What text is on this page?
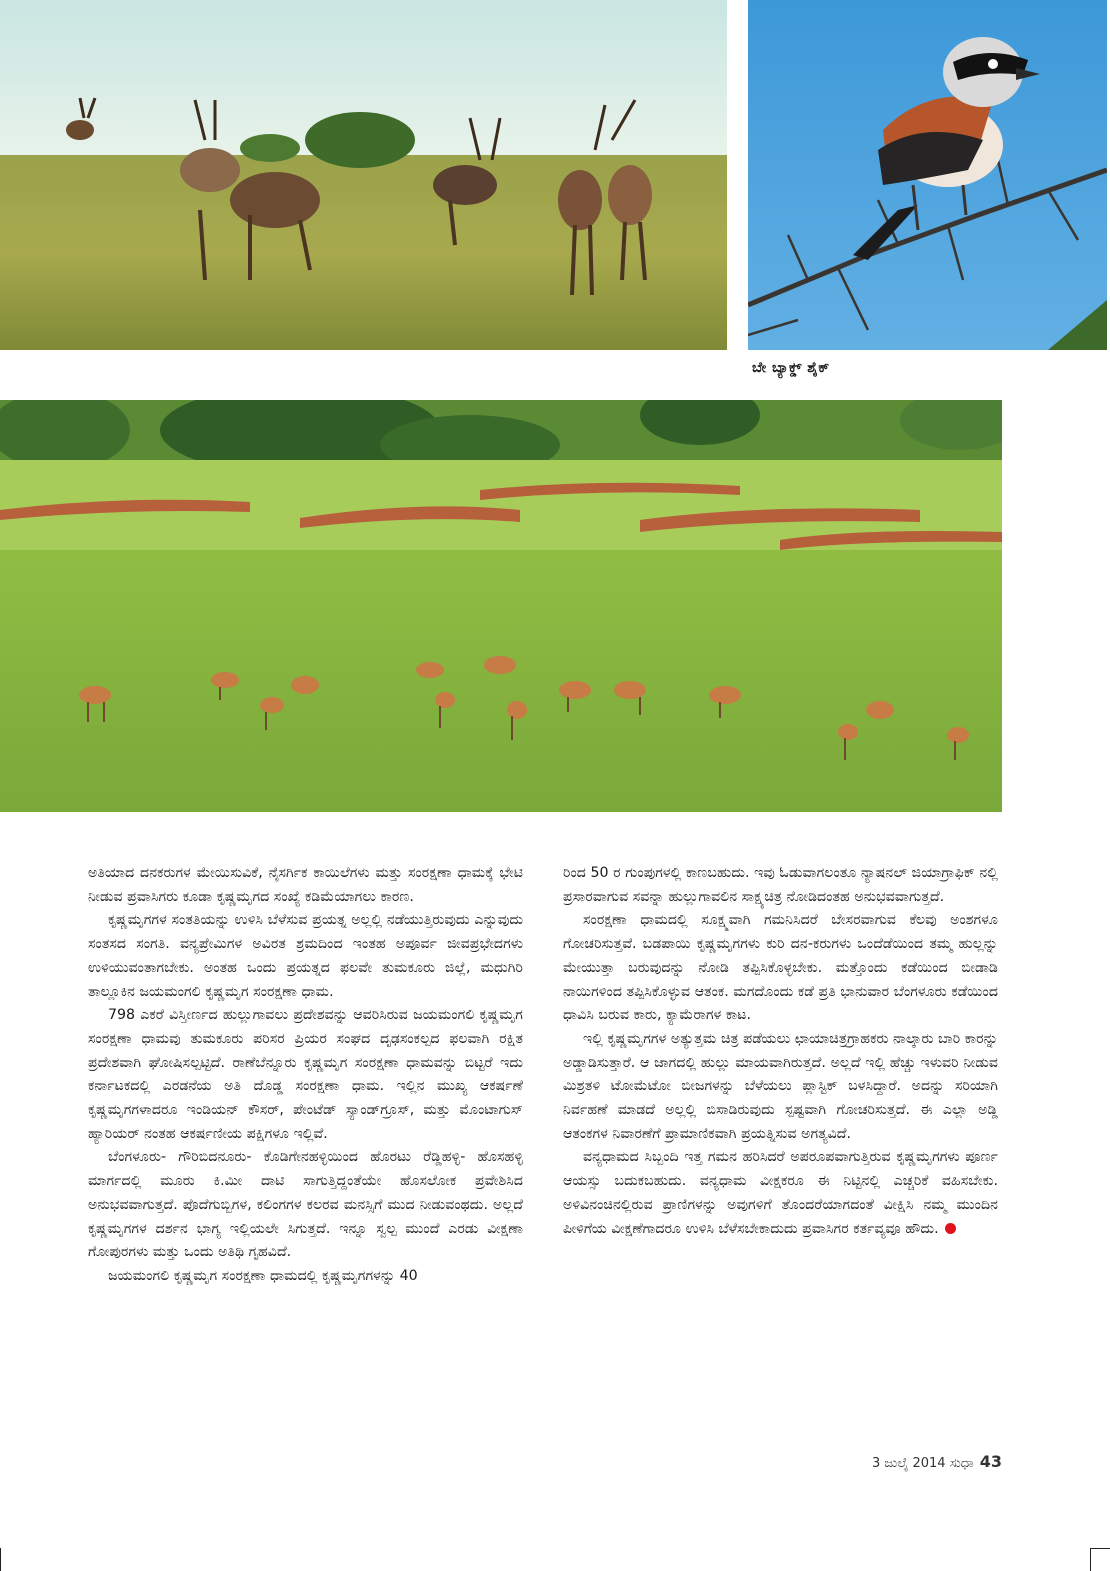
ಬೇ ಬ್ಯಾಕ್ಡ್ ಶೈಕ್

ಅತಿಯಾದ ದನಕರುಗಳ ಮೇಯಿಸುವಿಕೆ, ನೈಸರ್ಗಿಕ ಕಾಯಿಲೆಗಳು ಮತ್ತು ಸಂರಕ್ಷಣಾ ಧಾಮಕ್ಕೆ ಭೇಟಿ ನೀಡುವ ಪ್ರವಾಸಿಗರು ಕೂಡಾ ಕೃಷ್ಣಮೃಗದ ಸಂಖ್ಯೆ ಕಡಿಮೆಯಾಗಲು ಕಾರಣ.

ಕೃಷ್ಣಮೃಗಗಳ ಸಂತತಿಯನ್ನು ಉಳಿಸಿ ಬೆಳೆಸುವ ಪ್ರಯತ್ನ ಅಲ್ಲಲ್ಲಿ ನಡೆಯುತ್ತಿರುವುದು ಎನ್ನುವುದು ಸಂತಸದ ಸಂಗತಿ. ವನ್ಯಪ್ರೇಮಿಗಳ ಅವಿರತ ಶ್ರಮದಿಂದ ಇಂತಹ ಅಪೂರ್ವ ಜೀವಪ್ರಭೇದಗಳು ಉಳಿಯುವಂತಾಗಬೇಕು. ಅಂತಹ ಒಂದು ಪ್ರಯತ್ನದ ಫಲವೇ ತುಮಕೂರು ಜಿಲ್ಲೆ, ಮಧುಗಿರಿ ತಾಲ್ಲೂಕಿನ ಜಯಮಂಗಲಿ ಕೃಷ್ಣಮೃಗ ಸಂರಕ್ಷಣಾ ಧಾಮ.

798 ಎಕರೆ ವಿಸ್ತೀರ್ಣದ ಹುಲ್ಲುಗಾವಲು ಪ್ರದೇಶವನ್ನು ಆವರಿಸಿರುವ ಜಯಮಂಗಲಿ ಕೃಷ್ಣಮೃಗ ಸಂರಕ್ಷಣಾ ಧಾಮವು ತುಮಕೂರು ಪರಿಸರ ಪ್ರಿಯರ ಸಂಘದ ದೃಢಸಂಕಲ್ಪದ ಫಲವಾಗಿ ರಕ್ಷಿತ ಪ್ರದೇಶವಾಗಿ ಘೋಷಿಸಲ್ಪಟ್ಟಿದೆ. ರಾಣೆಬೆನ್ನೂರು ಕೃಷ್ಣಮೃಗ ಸಂರಕ್ಷಣಾ ಧಾಮವನ್ನು ಬಿಟ್ಟರೆ ಇದು ಕರ್ನಾಟಕದಲ್ಲಿ ಎರಡನೆಯ ಅತಿ ದೊಡ್ಡ ಸಂರಕ್ಷಣಾ ಧಾಮ. ಇಲ್ಲಿನ ಮುಖ್ಯ ಆಕರ್ಷಣೆ ಕೃಷ್ಣಮೃಗಗಳಾದರೂ ಇಂಡಿಯನ್ ಕೌಸರ್, ಪೇಂಟೆಡ್ ಸ್ಯಾಂಡ್‌ಗ್ರೂಸ್, ಮತ್ತು ಮೊಂಟಾಗುಸ್ ಹ್ಯಾರಿಯರ್ ನಂತಹ ಆಕರ್ಷಣೀಯ ಪಕ್ಷಿಗಳೂ ಇಲ್ಲಿವೆ.

ಬೆಂಗಳೂರು- ಗೌರಿಬಿದನೂರು- ಕೊಡಿಗೇನಹಳ್ಳಿಯಿಂದ ಹೊರಟು ರೆಡ್ಡಿಹಳ್ಳಿ- ಹೊಸಹಳ್ಳಿ ಮಾರ್ಗದಲ್ಲಿ ಮೂರು ಕಿ.ಮೀ ದಾಟಿ ಸಾಗುತ್ತಿದ್ದಂತೆಯೇ ಹೊಸಲೋಕ ಪ್ರವೇಶಿಸಿದ ಅನುಭವವಾಗುತ್ತದೆ. ಪೊದೆಗುಬ್ಬಿಗಳ, ಕಲಿಂಗಗಳ ಕಲರವ ಮನಸ್ಸಿಗೆ ಮುದ ನೀಡುವಂಥದು. ಅಲ್ಲದೆ ಕೃಷ್ಣಮೃಗಗಳ ದರ್ಶನ ಭಾಗ್ಯ ಇಲ್ಲಿಯಲೇ ಸಿಗುತ್ತದೆ. ಇನ್ನೂ ಸ್ವಲ್ಪ ಮುಂದೆ ಎರಡು ವೀಕ್ಷಣಾ ಗೋಪುರಗಳು ಮತ್ತು ಒಂದು ಅತಿಥಿ ಗೃಹವಿದೆ.

ಜಯಮಂಗಲಿ ಕೃಷ್ಣಮೃಗ ಸಂರಕ್ಷಣಾ ಧಾಮದಲ್ಲಿ ಕೃಷ್ಣಮೃಗಗಳನ್ನು 40

ರಿಂದ 50 ರ ಗುಂಪುಗಳಲ್ಲಿ ಕಾಣಬಹುದು. ಇವು ಓಡುವಾಗಲಂತೂ ನ್ಯಾಷನಲ್ ಜಿಯಾಗ್ರಾಫಿಕ್ ನಲ್ಲಿ ಪ್ರಸಾರವಾಗುವ ಸವನ್ನಾ ಹುಲ್ಲುಗಾವಲಿನ ಸಾಕ್ಷ್ಯಚಿತ್ರ ನೋಡಿದಂತಹ ಅನುಭವವಾಗುತ್ತದೆ.

ಸಂರಕ್ಷಣಾ ಧಾಮದಲ್ಲಿ ಸೂಕ್ಷ್ಮವಾಗಿ ಗಮನಿಸಿದರೆ ಬೇಸರವಾಗುವ ಕೆಲವು ಅಂಶಗಳೂ ಗೋಚರಿಸುತ್ತವೆ. ಬಡಪಾಯಿ ಕೃಷ್ಣಮೃಗಗಳು ಕುರಿ ದನ-ಕರುಗಳು ಒಂದೆಡೆಯಿಂದ ತಮ್ಮ ಹುಲ್ಲನ್ನು ಮೇಯುತ್ತಾ ಬರುವುದನ್ನು ನೋಡಿ ತಪ್ಪಿಸಿಕೊಳ್ಳಬೇಕು. ಮತ್ತೊಂದು ಕಡೆಯಿಂದ ಬೀಡಾಡಿ ನಾಯಿಗಳಿಂದ ತಪ್ಪಿಸಿಕೊಳ್ಳುವ ಆತಂಕ. ಮಗದೊಂದು ಕಡೆ ಪ್ರತಿ ಭಾನುವಾರ ಬೆಂಗಳೂರು ಕಡೆಯಿಂದ ಧಾವಿಸಿ ಬರುವ ಕಾರು, ಕ್ಯಾಮೆರಾಗಳ ಕಾಟ.

ಇಲ್ಲಿ ಕೃಷ್ಣಮೃಗಗಳ ಅತ್ಯುತ್ತಮ ಚಿತ್ರ ಪಡೆಯಲು ಛಾಯಾಚಿತ್ರಗ್ರಾಹಕರು ನಾಲ್ಕಾರು ಬಾರಿ ಕಾರನ್ನು ಅಡ್ಡಾಡಿಸುತ್ತಾರೆ. ಆ ಜಾಗದಲ್ಲಿ ಹುಲ್ಲು ಮಾಯವಾಗಿರುತ್ತದೆ. ಅಲ್ಲದೆ ಇಲ್ಲಿ ಹೆಚ್ಚು ಇಳುವರಿ ನೀಡುವ ಮಿಶ್ರತಳಿ ಟೋಮೆಟೋ ಬೀಜಗಳನ್ನು ಬೆಳೆಯಲು ಪ್ಲಾಸ್ಟಿಕ್ ಬಳಸಿದ್ದಾರೆ. ಅದನ್ನು ಸರಿಯಾಗಿ ನಿರ್ವಹಣೆ ಮಾಡದೆ ಅಲ್ಲಲ್ಲಿ ಬಿಸಾಡಿರುವುದು ಸ್ಪಷ್ಟವಾಗಿ ಗೋಚರಿಸುತ್ತದೆ. ಈ ಎಲ್ಲಾ ಅಡ್ಡಿ ಆತಂಕಗಳ ನಿವಾರಣೆಗೆ ಪ್ರಾಮಾಣಿಕವಾಗಿ ಪ್ರಯತ್ನಿಸುವ ಅಗತ್ಯವಿದೆ.

ವನ್ಯಧಾಮದ ಸಿಬ್ಬಂದಿ ಇತ್ತ ಗಮನ ಹರಿಸಿದರೆ ಅಪರೂಪವಾಗುತ್ತಿರುವ ಕೃಷ್ಣಮೃಗಗಳು ಪೂರ್ಣ ಆಯಸ್ಸು ಬದುಕಬಹುದು. ವನ್ಯಧಾಮ ವೀಕ್ಷಕರೂ ಈ ನಿಟ್ಟಿನಲ್ಲಿ ಎಚ್ಚರಿಕೆ ವಹಿಸಬೇಕು. ಅಳಿವಿನಂಚಿನಲ್ಲಿರುವ ಪ್ರಾಣಿಗಳನ್ನು ಅವುಗಳಿಗೆ ತೊಂದರೆಯಾಗದಂತೆ ವೀಕ್ಷಿಸಿ ನಮ್ಮ ಮುಂದಿನ ಪೀಳಿಗೆಯ ವೀಕ್ಷಣೆಗಾದರೂ ಉಳಿಸಿ ಬೆಳೆಸಬೇಕಾದುದು ಪ್ರವಾಸಿಗರ ಕರ್ತವ್ಯವೂ ಹೌದು.

3 ಜುಲೈ 2014 ಸುಧಾ 43
